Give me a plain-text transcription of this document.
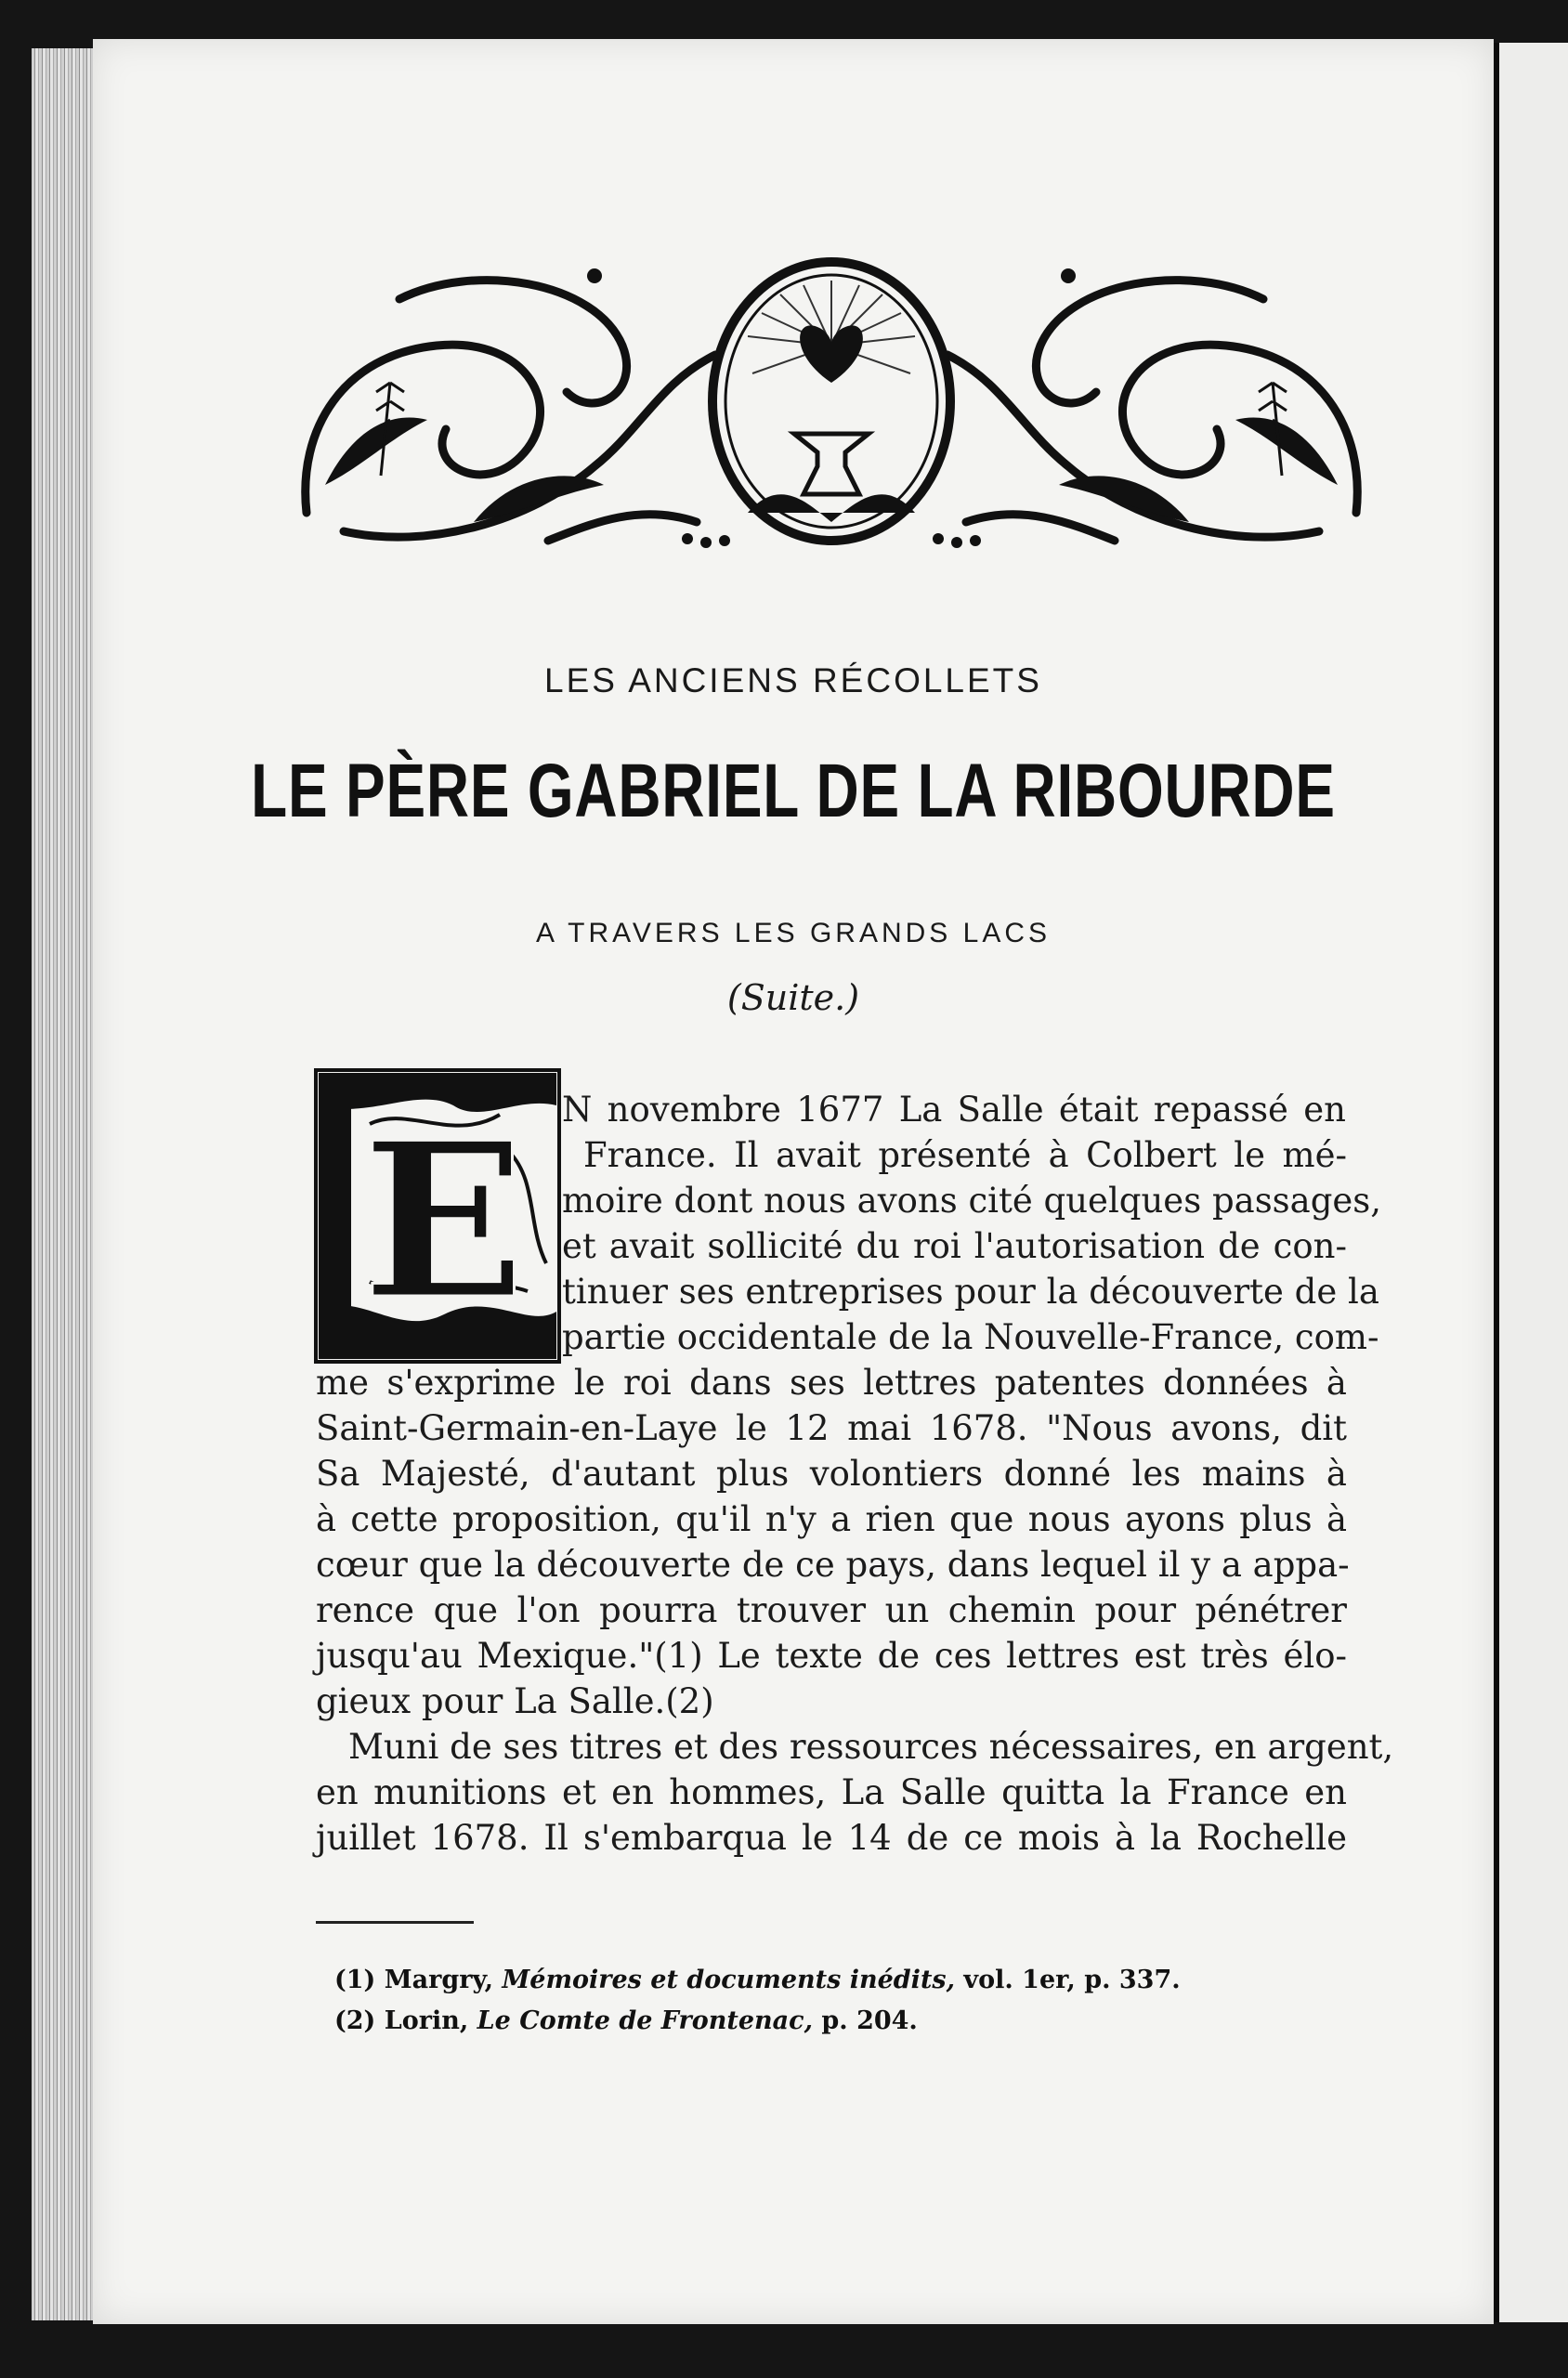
LES ANCIENS RÉCOLLETS
LE PÈRE GABRIEL DE LA RIBOURDE
A TRAVERS LES GRANDS LACS
(Suite.)
E N novembre 1677 La Salle était repassé en
France. Il avait présenté à Colbert le mé-
moire dont nous avons cité quelques passages,
et avait sollicité du roi l'autorisation de con-
tinuer ses entreprises pour la découverte de la
partie occidentale de la Nouvelle-France, com-
me s'exprime le roi dans ses lettres patentes données à
Saint-Germain-en-Laye le 12 mai 1678. "Nous avons, dit
Sa Majesté, d'autant plus volontiers donné les mains à
à cette proposition, qu'il n'y a rien que nous ayons plus à
cœur que la découverte de ce pays, dans lequel il y a appa-
rence que l'on pourra trouver un chemin pour pénétrer
jusqu'au Mexique."(1) Le texte de ces lettres est très élo-
gieux pour La Salle.(2)
Muni de ses titres et des ressources nécessaires, en argent,
en munitions et en hommes, La Salle quitta la France en
juillet 1678. Il s'embarqua le 14 de ce mois à la Rochelle
(1) Margry, Mémoires et documents inédits, vol. 1er, p. 337.
(2) Lorin, Le Comte de Frontenac, p. 204.
